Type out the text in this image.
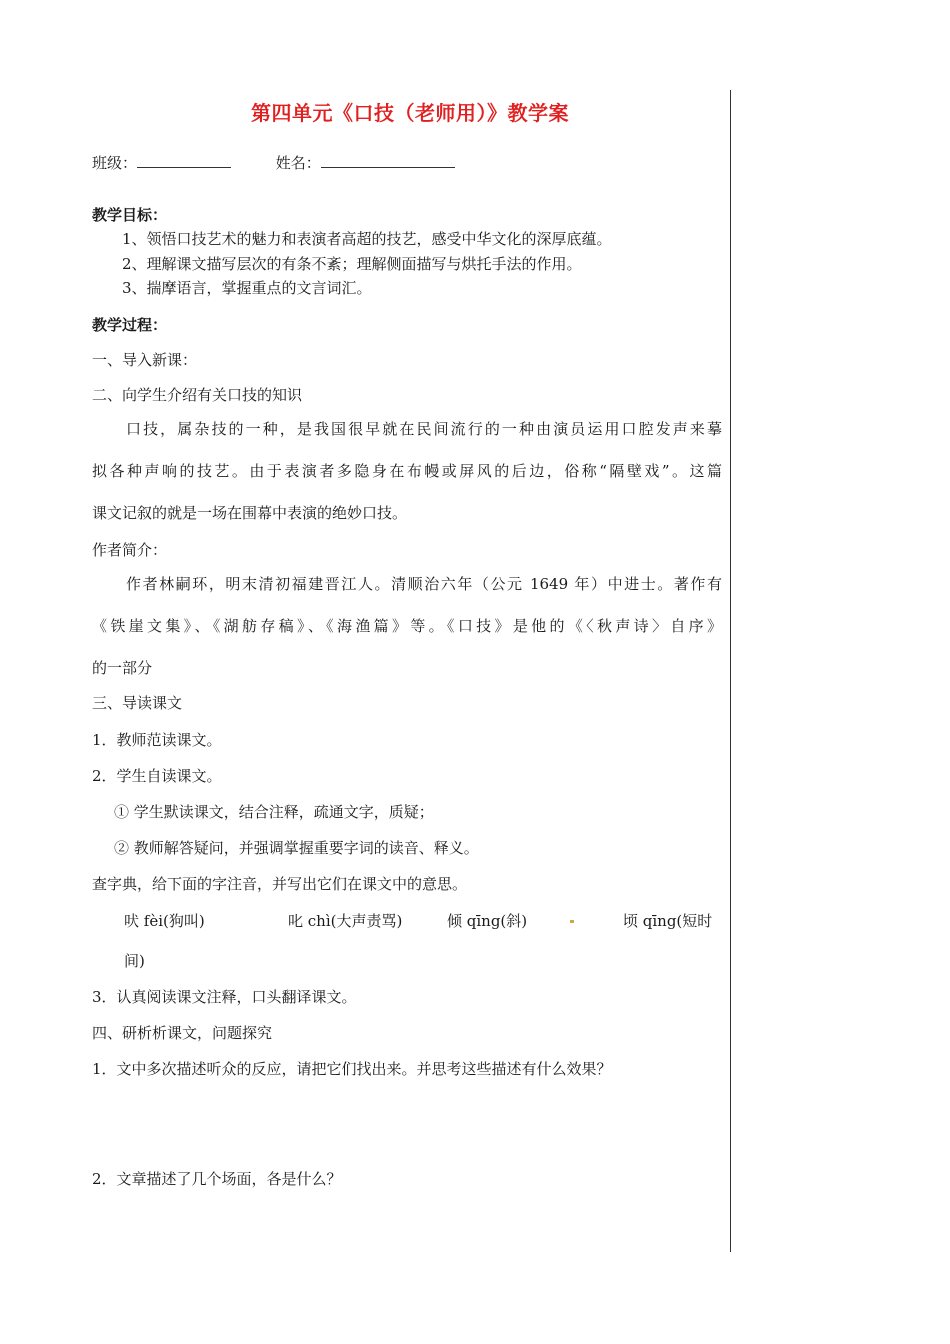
第四单元《口技（老师用）》教学案
班级：	姓名：
教学目标：
1、领悟口技艺术的魅力和表演者高超的技艺，感受中华文化的深厚底蕴。
2、理解课文描写层次的有条不紊；理解侧面描写与烘托手法的作用。
3、揣摩语言，掌握重点的文言词汇。
教学过程：
一、导入新课：
二、向学生介绍有关口技的知识
口技，属杂技的一种，是我国很早就在民间流行的一种由演员运用口腔发声来摹
拟各种声响的技艺。由于表演者多隐身在布幔或屏风的后边，俗称“隔壁戏”。这篇
课文记叙的就是一场在围幕中表演的绝妙口技。
作者简介：
作者林嗣环，明末清初福建晋江人。清顺治六年（公元 1649 年）中进士。著作有
《铁崖文集》、《湖舫存稿》、《海渔篇》等。《口技》是他的《〈秋声诗〉自序》
的一部分
三、导读课文
1．教师范读课文。
2．学生自读课文。
① 学生默读课文，结合注释，疏通文字，质疑；
② 教师解答疑问，并强调掌握重要字词的读音、释义。
查字典，给下面的字注音，并写出它们在课文中的意思。
吠 fèi(狗叫)	叱 chì(大声责骂)	倾 qīng(斜)	顷 qīng(短时
间)
3．认真阅读课文注释，口头翻译课文。
四、研析析课文，问题探究
1．文中多次描述听众的反应，请把它们找出来。并思考这些描述有什么效果？
2．文章描述了几个场面，各是什么？
